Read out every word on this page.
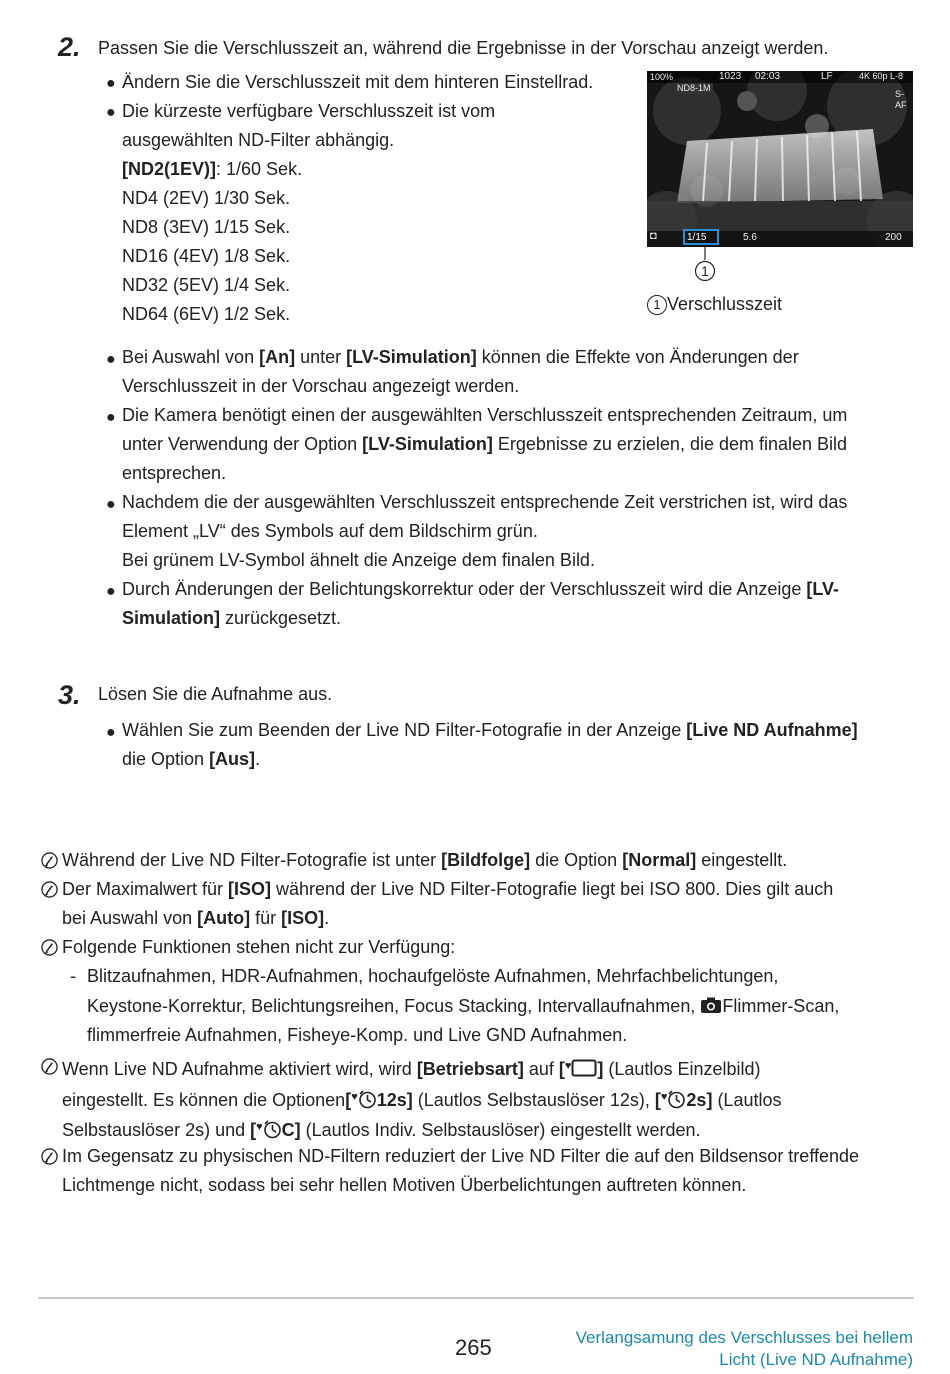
2. Passen Sie die Verschlusszeit an, während die Ergebnisse in der Vorschau anzeigt werden.
● Ändern Sie die Verschlusszeit mit dem hinteren Einstellrad.
● Die kürzeste verfügbare Verschlusszeit ist vom
ausgewählten ND-Filter abhängig.
[ND2(1EV)]: 1/60 Sek.
ND4 (2EV) 1/30 Sek.
ND8 (3EV) 1/15 Sek.
ND16 (4EV) 1/8 Sek.
ND32 (5EV) 1/4 Sek.
ND64 (6EV) 1/2 Sek.
100%	1023 02:03	LF	4K 60p L-8
S-AF
ND8-1M
1/15	5.6	200
◘
1
1 Verschlusszeit
● Bei Auswahl von [An] unter [LV-Simulation] können die Effekte von Änderungen der
Verschlusszeit in der Vorschau angezeigt werden.
● Die Kamera benötigt einen der ausgewählten Verschlusszeit entsprechenden Zeitraum, um
unter Verwendung der Option [LV-Simulation] Ergebnisse zu erzielen, die dem finalen Bild
entsprechen.
● Nachdem die der ausgewählten Verschlusszeit entsprechende Zeit verstrichen ist, wird das
Element „LV“ des Symbols auf dem Bildschirm grün.
Bei grünem LV-Symbol ähnelt die Anzeige dem finalen Bild.
● Durch Änderungen der Belichtungskorrektur oder der Verschlusszeit wird die Anzeige [LV-
Simulation] zurückgesetzt.
3. Lösen Sie die Aufnahme aus.
● Wählen Sie zum Beenden der Live ND Filter-Fotografie in der Anzeige [Live ND Aufnahme]
die Option [Aus].
Während der Live ND Filter-Fotografie ist unter [Bildfolge] die Option [Normal] eingestellt.
Der Maximalwert für [ISO] während der Live ND Filter-Fotografie liegt bei ISO 800. Dies gilt auch
bei Auswahl von [Auto] für [ISO].
Folgende Funktionen stehen nicht zur Verfügung:
- Blitzaufnahmen, HDR-Aufnahmen, hochaufgelöste Aufnahmen, Mehrfachbelichtungen,
Keystone-Korrektur, Belichtungsreihen, Focus Stacking, Intervallaufnahmen, Flimmer-Scan,
flimmerfreie Aufnahmen, Fisheye-Komp. und Live GND Aufnahmen.
Wenn Live ND Aufnahme aktiviert wird, wird [Betriebsart] auf [♥ ] (Lautlos Einzelbild)
eingestellt. Es können die Optionen[♥ 12s] (Lautlos Selbstauslöser 12s), [♥ 2s] (Lautlos
Selbstauslöser 2s) und [♥ C] (Lautlos Indiv. Selbstauslöser) eingestellt werden.
Im Gegensatz zu physischen ND-Filtern reduziert der Live ND Filter die auf den Bildsensor treffende
Lichtmenge nicht, sodass bei sehr hellen Motiven Überbelichtungen auftreten können.
265	Verlangsamung des Verschlusses bei hellem
Licht (Live ND Aufnahme)
